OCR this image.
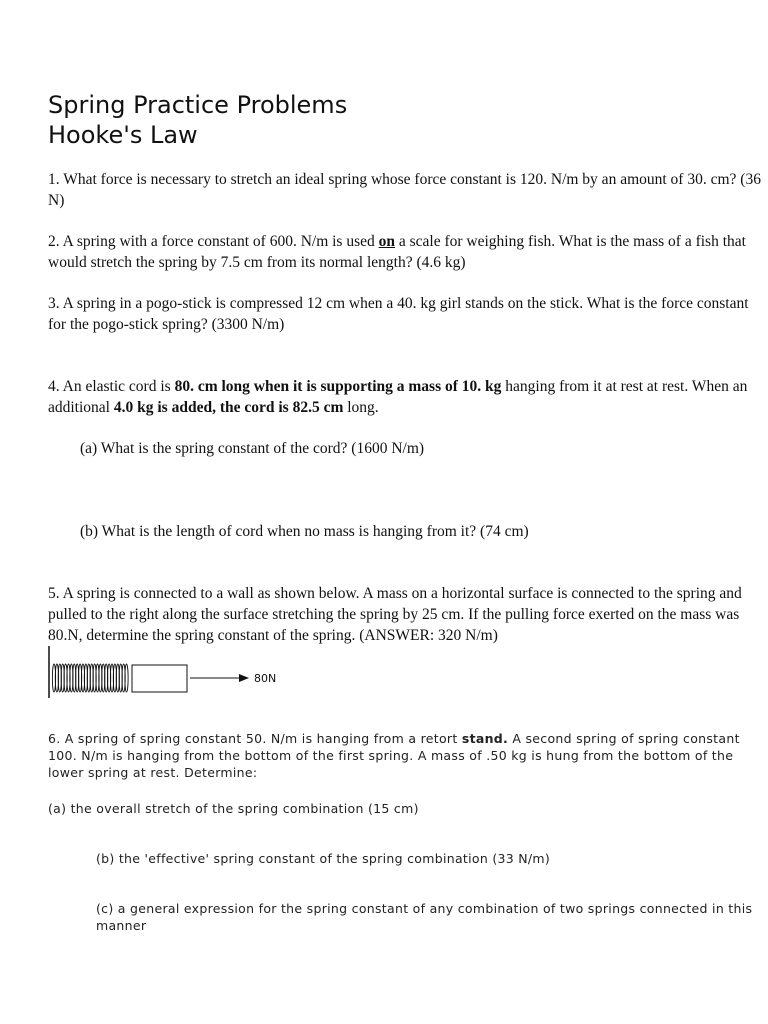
Spring Practice Problems
Hooke's Law
1. What force is necessary to stretch an ideal spring whose force constant is 120. N/m by an amount of 30. cm? (36 N)
2. A spring with a force constant of 600. N/m is used on a scale for weighing fish. What is the mass of a fish that would stretch the spring by 7.5 cm from its normal length? (4.6 kg)
3. A spring in a pogo-stick is compressed 12 cm when a 40. kg girl stands on the stick. What is the force constant for the pogo-stick spring? (3300 N/m)
4. An elastic cord is 80. cm long when it is supporting a mass of 10. kg hanging from it at rest at rest. When an additional 4.0 kg is added, the cord is 82.5 cm long.
(a) What is the spring constant of the cord? (1600 N/m)
(b) What is the length of cord when no mass is hanging from it? (74 cm)
5. A spring is connected to a wall as shown below. A mass on a horizontal surface is connected to the spring and pulled to the right along the surface stretching the spring by 25 cm. If the pulling force exerted on the mass was 80.N, determine the spring constant of the spring. (ANSWER: 320 N/m)
80N
6. A spring of spring constant 50. N/m is hanging from a retort stand. A second spring of spring constant 100. N/m is hanging from the bottom of the first spring. A mass of .50 kg is hung from the bottom of the lower spring at rest. Determine:
(a) the overall stretch of the spring combination (15 cm)
(b) the 'effective' spring constant of the spring combination (33 N/m)
(c) a general expression for the spring constant of any combination of two springs connected in this manner
